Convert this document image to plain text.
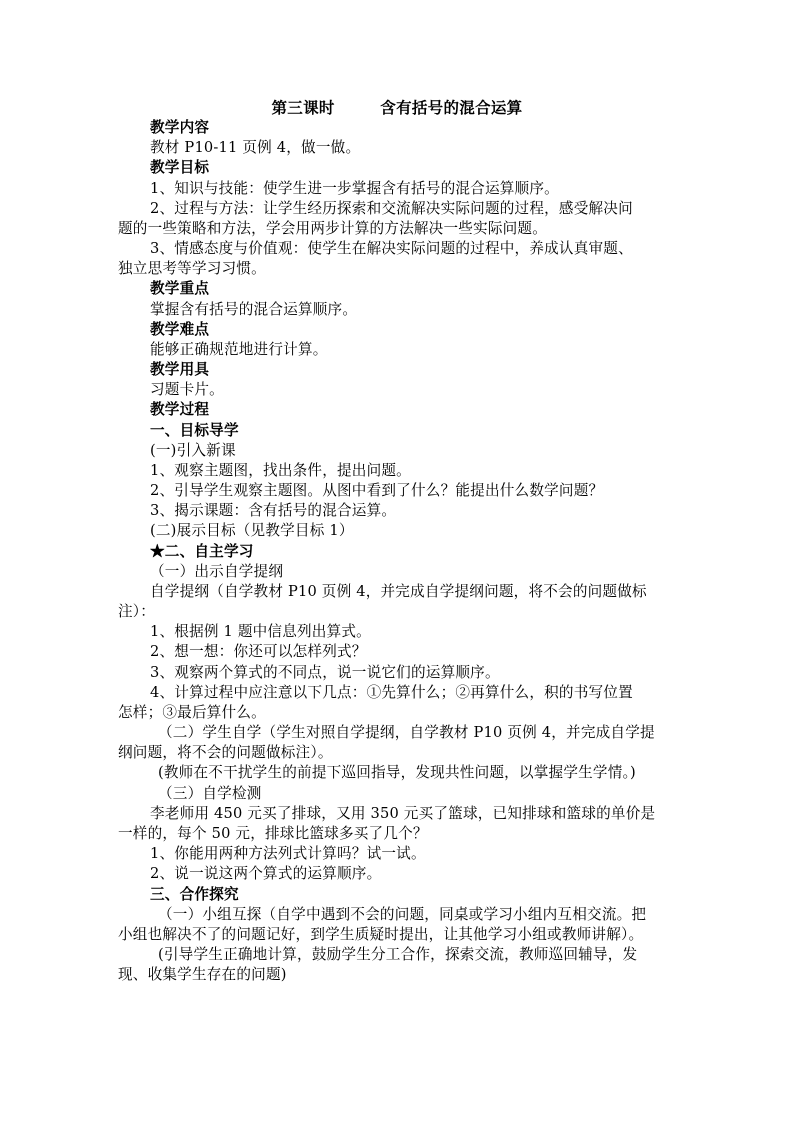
第三课时        含有括号的混合运算
教学内容
教材 P10-11 页例 4，做一做。
教学目标
1、知识与技能：使学生进一步掌握含有括号的混合运算顺序。
2、过程与方法：让学生经历探索和交流解决实际问题的过程，感受解决问
题的一些策略和方法，学会用两步计算的方法解决一些实际问题。
3、情感态度与价值观：使学生在解决实际问题的过程中，养成认真审题、
独立思考等学习习惯。
教学重点
掌握含有括号的混合运算顺序。
教学难点
能够正确规范地进行计算。
教学用具
习题卡片。
教学过程
一、目标导学
(一)引入新课
1、观察主题图，找出条件，提出问题。
2、引导学生观察主题图。从图中看到了什么？能提出什么数学问题？
3、揭示课题：含有括号的混合运算。
(二)展示目标（见教学目标 1）
★二、自主学习
（一）出示自学提纲
自学提纲（自学教材 P10 页例 4，并完成自学提纲问题，将不会的问题做标
注）：
1、根据例 1 题中信息列出算式。
2、想一想：你还可以怎样列式？
3、观察两个算式的不同点，说一说它们的运算顺序。
4、计算过程中应注意以下几点：①先算什么；②再算什么，积的书写位置
怎样；③最后算什么。
（二）学生自学（学生对照自学提纲，自学教材 P10 页例 4，并完成自学提
纲问题，将不会的问题做标注）。
(教师在不干扰学生的前提下巡回指导，发现共性问题，以掌握学生学情。)
（三）自学检测
李老师用 450 元买了排球，又用 350 元买了篮球，已知排球和篮球的单价是
一样的，每个 50 元，排球比篮球多买了几个？
1、你能用两种方法列式计算吗？试一试。
2、说一说这两个算式的运算顺序。
三、合作探究
（一）小组互探（自学中遇到不会的问题，同桌或学习小组内互相交流。把
小组也解决不了的问题记好，到学生质疑时提出，让其他学习小组或教师讲解）。
(引导学生正确地计算，鼓励学生分工合作，探索交流，教师巡回辅导，发
现、收集学生存在的问题)
